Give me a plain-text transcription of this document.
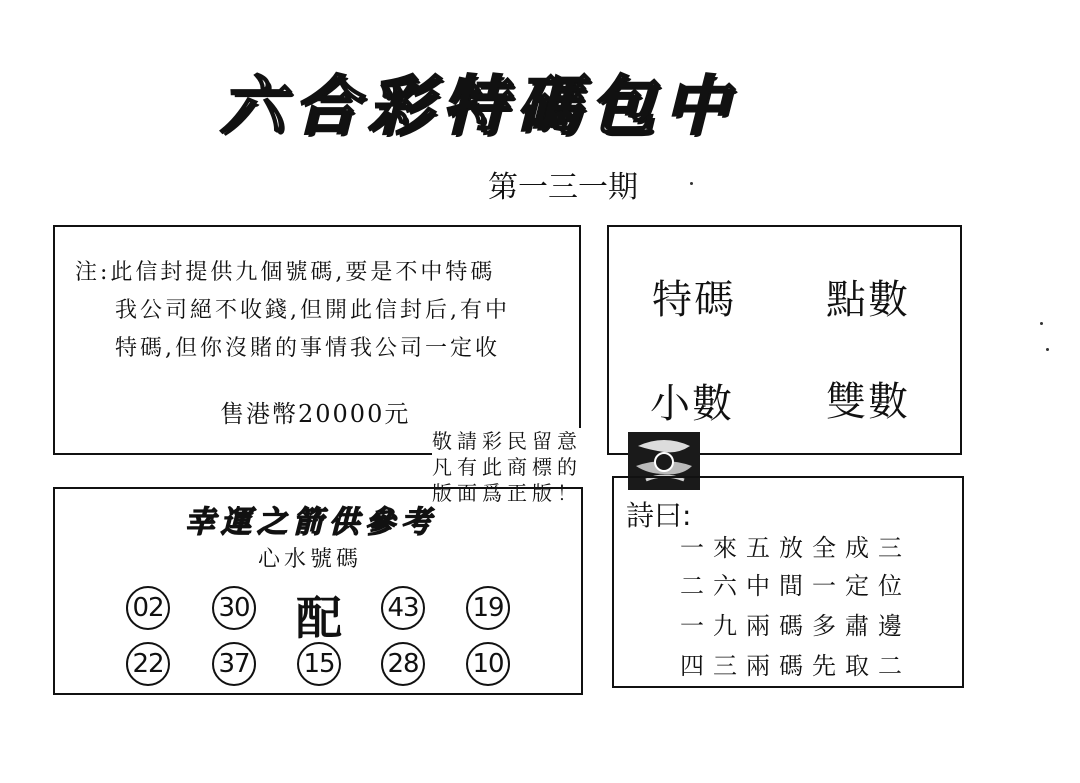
六合彩特碼包中
第一三一期
注:此信封提供九個號碼,要是不中特碼
我公司絕不收錢,但開此信封后,有中
特碼,但你沒賭的事情我公司一定收
售港幣20000元
特碼 點數
小數 雙數
敬請彩民留意
凡有此商標的
版面爲正版！
幸運之箭供參考
心水號碼
02 30 配 43 19
22 37 15 28 10
詩曰:
一來五放全成三
二六中間一定位
一九兩碼多肅邊
四三兩碼先取二
